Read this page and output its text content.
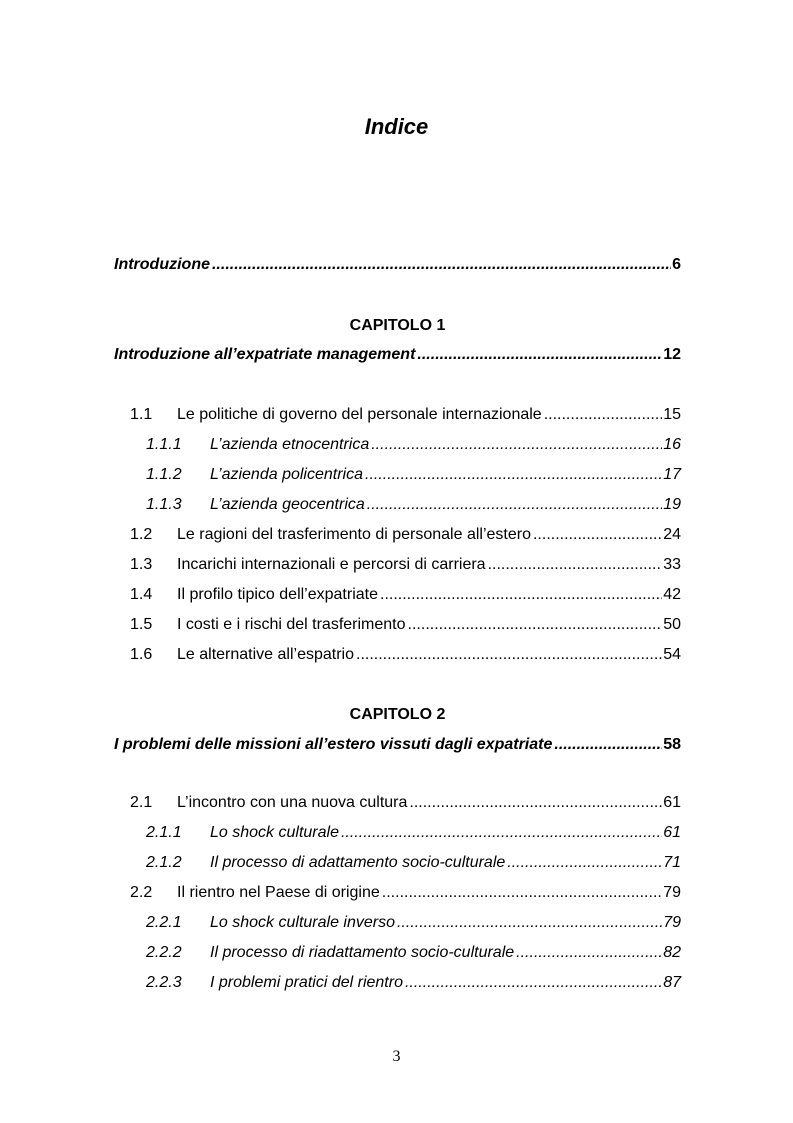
Indice
Introduzione .....	6
CAPITOLO 1
Introduzione all’expatriate management .....	12
1.1	Le politiche di governo del personale internazionale .....	15
1.1.1	L’azienda etnocentrica .....	16
1.1.2	L’azienda policentrica .....	17
1.1.3	L’azienda geocentrica .....	19
1.2	Le ragioni del trasferimento di personale all’estero .....	24
1.3	Incarichi internazionali e percorsi di carriera .....	33
1.4	Il profilo tipico dell’expatriate .....	42
1.5	I costi e i rischi del trasferimento .....	50
1.6	Le alternative all’espatrio .....	54
CAPITOLO 2
I problemi delle missioni all’estero vissuti dagli expatriate .....	58
2.1	L’incontro con una nuova cultura .....	61
2.1.1	Lo shock culturale .....	61
2.1.2	Il processo di adattamento socio-culturale .....	71
2.2	Il rientro nel Paese di origine .....	79
2.2.1	Lo shock culturale inverso .....	79
2.2.2	Il processo di riadattamento socio-culturale .....	82
2.2.3	I problemi pratici del rientro .....	87
3
